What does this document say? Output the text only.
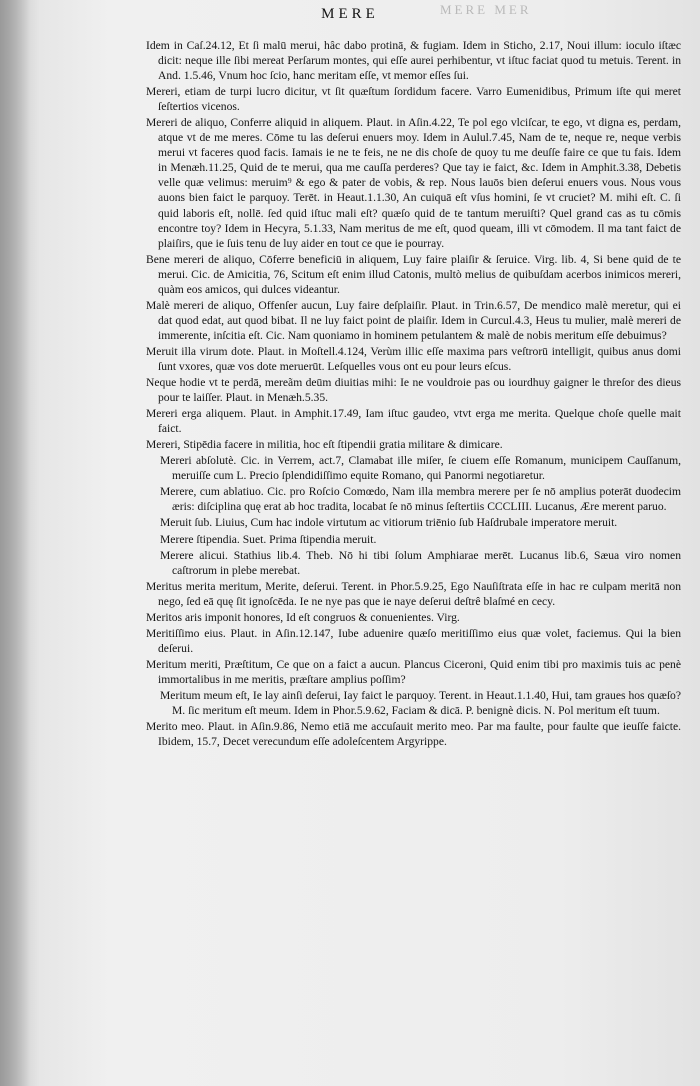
MERE MER
MERE

Idem in Caſ.24.12, Et ſi malū merui, hâc dabo protinā, & fugiam. Idem in Sticho, 2.17, Noui illum: ioculo iſtæc dicit: neque ille ſibi mereat Perſarum montes, qui eſſe aurei perhibentur, vt iſtuc faciat quod tu metuis. Terent. in And. 1.5.46, Vnum hoc ſcio, hanc meritam eſſe, vt memor eſſes ſui.

Mereri, etiam de turpi lucro dicitur, vt ſit quæſtum ſordidum facere. Varro Eumenidibus, Primum iſte qui meret ſeſtertios vicenos.

Mereri de aliquo, Conferre aliquid in aliquem. Plaut. in Aſin.4.22, Te pol ego vlciſcar, te ego, vt digna es, perdam, atque vt de me meres. Cōme tu las deſerui enuers moy. Idem in Aulul.7.45, Nam de te, neque re, neque verbis merui vt faceres quod facis. Iamais ie ne te feis, ne ne dis choſe de quoy tu me deuſſe faire ce que tu fais. Idem in Menæh.11.25, Quid de te merui, qua me cauſſa perderes? Que tay ie faict, &c. Idem in Amphit.3.38, Debetis velle quæ velimus: meruim⁹ & ego & pater de vobis, & rep. Nous lauōs bien deſerui enuers vous. Nous vous auons bien faict le parquoy. Terēt. in Heaut.1.1.30, An cuiquā eſt vſus homini, ſe vt cruciet? M. mihi eſt. C. ſi quid laboris eſt, nollē. ſed quid iſtuc mali eſt? quæſo quid de te tantum meruiſti? Quel grand cas as tu cōmis encontre toy? Idem in Hecyra, 5.1.33, Nam meritus de me eſt, quod queam, illi vt cōmodem. Il ma tant faict de plaiſirs, que ie ſuis tenu de luy aider en tout ce que ie pourray.

Bene mereri de aliquo, Cōferre beneficiū in aliquem, Luy faire plaiſir & ſeruice. Virg. lib. 4, Si bene quid de te merui. Cic. de Amicitia, 76, Scitum eſt enim illud Catonis, multò melius de quibuſdam acerbos inimicos mereri, quàm eos amicos, qui dulces videantur.

Malè mereri de aliquo, Offenſer aucun, Luy faire deſplaiſir. Plaut. in Trin.6.57, De mendico malè meretur, qui ei dat quod edat, aut quod bibat. Il ne luy faict point de plaiſir. Idem in Curcul.4.3, Heus tu mulier, malè mereri de immerente, inſcitia eſt. Cic. Nam quoniamo in hominem petulantem & malè de nobis meritum eſſe debuimus?

Meruit illa virum dote. Plaut. in Moſtell.4.124, Verùm illic eſſe maxima pars veſtrorū intelligit, quibus anus domi ſunt vxores, quæ vos dote meruerūt. Leſquelles vous ont eu pour leurs eſcus.

Neque hodie vt te perdā, mereãm deūm diuitias mihi: Ie ne vouldroie pas ou iourdhuy gaigner le threſor des dieus pour te laiſſer. Plaut. in Menæh.5.35.

Mereri erga aliquem. Plaut. in Amphit.17.49, Iam iſtuc gaudeo, vtvt erga me merita. Quelque choſe quelle mait faict.

Mereri, Stipēdia facere in militia, hoc eſt ſtipendii gratia militare & dimicare.

Mereri abſolutè. Cic. in Verrem, act.7, Clamabat ille miſer, ſe ciuem eſſe Romanum, municipem Cauſſanum, meruiſſe cum L. Precio ſplendidiſſimo equite Romano, qui Panormi negotiaretur.

Merere, cum ablatiuo. Cic. pro Roſcio Comœdo, Nam illa membra merere per ſe nō amplius poterāt duodecim æris: diſciplina quę erat ab hoc tradita, locabat ſe nō minus ſeſtertiis CCCLIII. Lucanus, Ære merent paruo.

Meruit ſub. Liuius, Cum hac indole virtutum ac vitiorum triēnio ſub Haſdrubale imperatore meruit.

Merere ſtipendia. Suet. Prima ſtipendia meruit.

Merere alicui. Stathius lib.4. Theb. Nō hi tibi ſolum Amphiarae merēt. Lucanus lib.6, Sæua viro nomen caſtrorum in plebe merebat.

Meritus merita meritum, Merite, deſerui. Terent. in Phor.5.9.25, Ego Nauſiſtrata eſſe in hac re culpam meritā non nego, ſed eā quę ſit ignoſcēda. Ie ne nye pas que ie naye deſerui deſtrê blaſmé en cecy.

Meritos aris imponit honores, Id eſt congruos & conuenientes. Virg.

Meritiſſimo eius. Plaut. in Aſin.12.147, Iube aduenire quæſo meritiſſimo eius quæ volet, faciemus. Qui la bien deſerui.

Meritum meriti, Præſtitum, Ce que on a faict a aucun. Plancus Ciceroni, Quid enim tibi pro maximis tuis ac penè immortalibus in me meritis, præſtare amplius poſſim?

Meritum meum eſt, Ie lay ainſi deſerui, Iay faict le parquoy. Terent. in Heaut.1.1.40, Hui, tam graues hos quæſo? M. ſic meritum eſt meum. Idem in Phor.5.9.62, Faciam & dicā. P. benignè dicis. N. Pol meritum eſt tuum.

Merito meo. Plaut. in Aſin.9.86, Nemo etiā me accuſauit merito meo. Par ma faulte, pour faulte que ieuſſe faicte. Ibidem, 15.7, Decet verecundum eſſe adoleſcentem Argyrippe.
